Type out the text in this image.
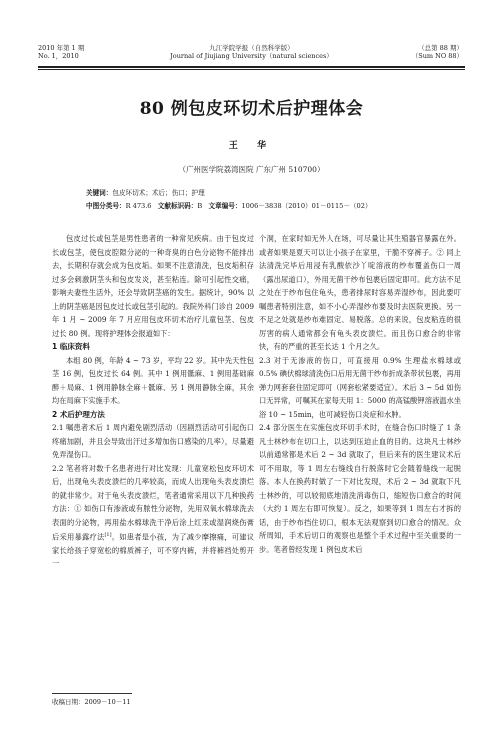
2010 年第 1 期
No. 1，2010
九江学院学报（自然科学版）
Journal of Jiujiang University（natural sciences）
（总第 88 期）
（Sum NO 88）
80 例包皮环切术后护理体会
王 华
（广州医学院荔湾医院 广东广州 510700）
关键词：包皮环切术；术后；伤口；护理
中图分类号：R 473.6 文献标识码：B 文章编号：1006－3838（2010）01－0115－（02）

包皮过长或包茎是男性患者的一种常见疾病。由于包皮过长或包茎，使包皮腔隙分泌的一种奇臭的白色分泌物不能排出去，长期积存就会成为包皮垢。如果不注意清洗，包皮垢积存过多会刺激阴茎头和包皮发炎，甚至粘连。除可引起性交痛，影响夫妻性生活外，还会导致阴茎癌的发生。据统计，90% 以上的阴茎癌是因包皮过长或包茎引起的。我院外科门诊自 2009 年 1 月 ~ 2009 年 7 月应用包皮环切术治疗儿童包茎、包皮过长 80 例。现将护理体会报道如下：

1 临床资料

本组 80 例，年龄 4 ~ 73 岁，平均 22 岁。其中先天性包茎 16 例，包皮过长 64 例。其中 1 例用骶麻、1 例用基础麻醉＋局麻、1 例用静脉全麻＋骶麻、另 1 例用静脉全麻，其余均在局麻下实施手术。

2 术后护理方法

2.1 嘱患者术后 1 周内避免剧烈活动（因剧烈活动可引起伤口疼痛加剧，并且会导致出汗过多增加伤口感染的几率），尽量避免弄湿伤口。

2.2 笔者将对数千名患者进行对比发现：儿童宽松包皮环切术后，出现龟头表皮溃烂的几率较高，而成人出现龟头表皮溃烂的就非常少。对于龟头表皮溃烂，笔者通常采用以下几种换药方法：① 如伤口有渗液或有脓性分泌物，先用双氧水棉球洗去表面的分泌物，再用盐水棉球洗干净后涂上红汞或湿润烧伤膏后采用暴露疗法[1]。如患者是小孩，为了减少摩擦痛，可建议家长给孩子穿宽松的棉质裤子，可不穿内裤，并将裤裆处剪开一

个洞，在家时如无外人在场，可尽量让其生殖器官暴露在外。或者如果是夏天可以让小孩子在家里，干脆不穿裤子。② 同上法清洗完毕后用浸有乳酸依沙丫啶溶液的纱布覆盖伤口一周（露出尿道口），外用无菌干纱布包裹后固定即可。此方法不足之处在于纱布包住龟头，患者排尿时容易弄湿纱布，因此要叮嘱患者特别注意，如不小心弄湿纱布要及时去医院更换。另一不足之处就是纱布难固定、易脱落。总的来说，包皮粘连的很厉害的病人通常都会有龟头表皮溃烂。而且伤口愈合的非常快，有的严重的甚至长达 1 个月之久。

2.3 对于无渗液的伤口，可直接用 0.9% 生理盐水棉球或 0.5% 碘伏棉球清洗伤口后用无菌干纱布折成条带状包裹，再用弹力网套套住固定即可（网套松紧要适宜）。术后 3 ~ 5d 如伤口无异常，可嘱其在家每天用 1：5000 的高锰酸钾溶液温水坐浴 10 ~ 15min，也可减轻伤口炎症和水肿。

2.4 部分医生在实施包皮环切手术时，在缝合伤口时缝了 1 条凡士林纱布在切口上，以达到压迫止血的目的。这块凡士林纱以前通常都是术后 2 ~ 3d 就取了，但后来有的医生建议术后可不用取，等 1 周左右缝线自行脱落时它会随着缝线一起脱落。本人在换药时做了一下对比发现，术后 2 ~ 3d 就取下凡士林纱的，可以较彻底地清洗消毒伤口，缩短伤口愈合的时间（大约 1 周左右即可恢复）。反之，如果等到 1 周左右才拆的话，由于纱布挡住切口，根本无法观察到切口愈合的情况。众所周知，手术后切口的观察也是整个手术过程中至关重要的一步。笔者曾经发现 1 例包皮术后

收稿日期：2009－10－11
